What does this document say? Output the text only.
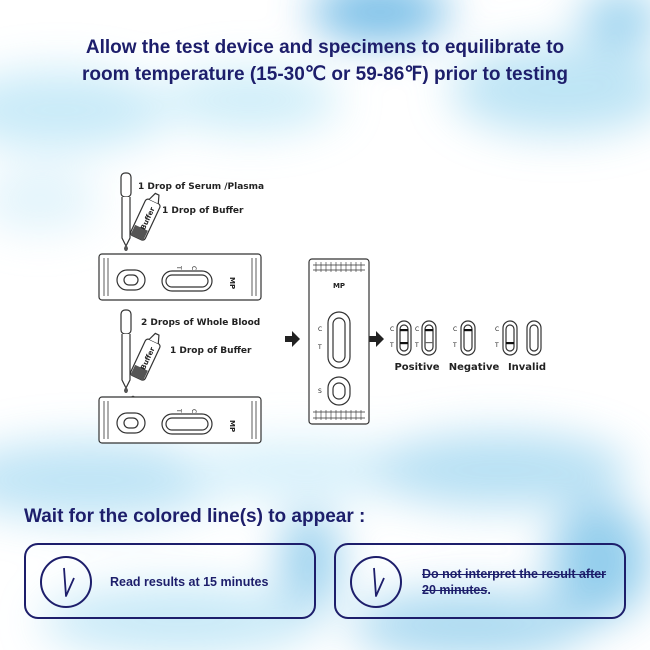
Allow the test device and specimens to equilibrate to
room temperature (15-30℃ or 59-86℉) prior to testing
Buffer
1 Drop of Serum /Plasma
1 Drop of Buffer
T C
MP
Buffer
2 Drops of Whole Blood
1 Drop of Buffer
T C
MP
MP
C
T
S
C
T
C
T
C
T
C
T
Positive Negative Invalid
Wait for the colored line(s) to appear :
Read results at 15 minutes
Do not interpret the result after 20 minutes.
